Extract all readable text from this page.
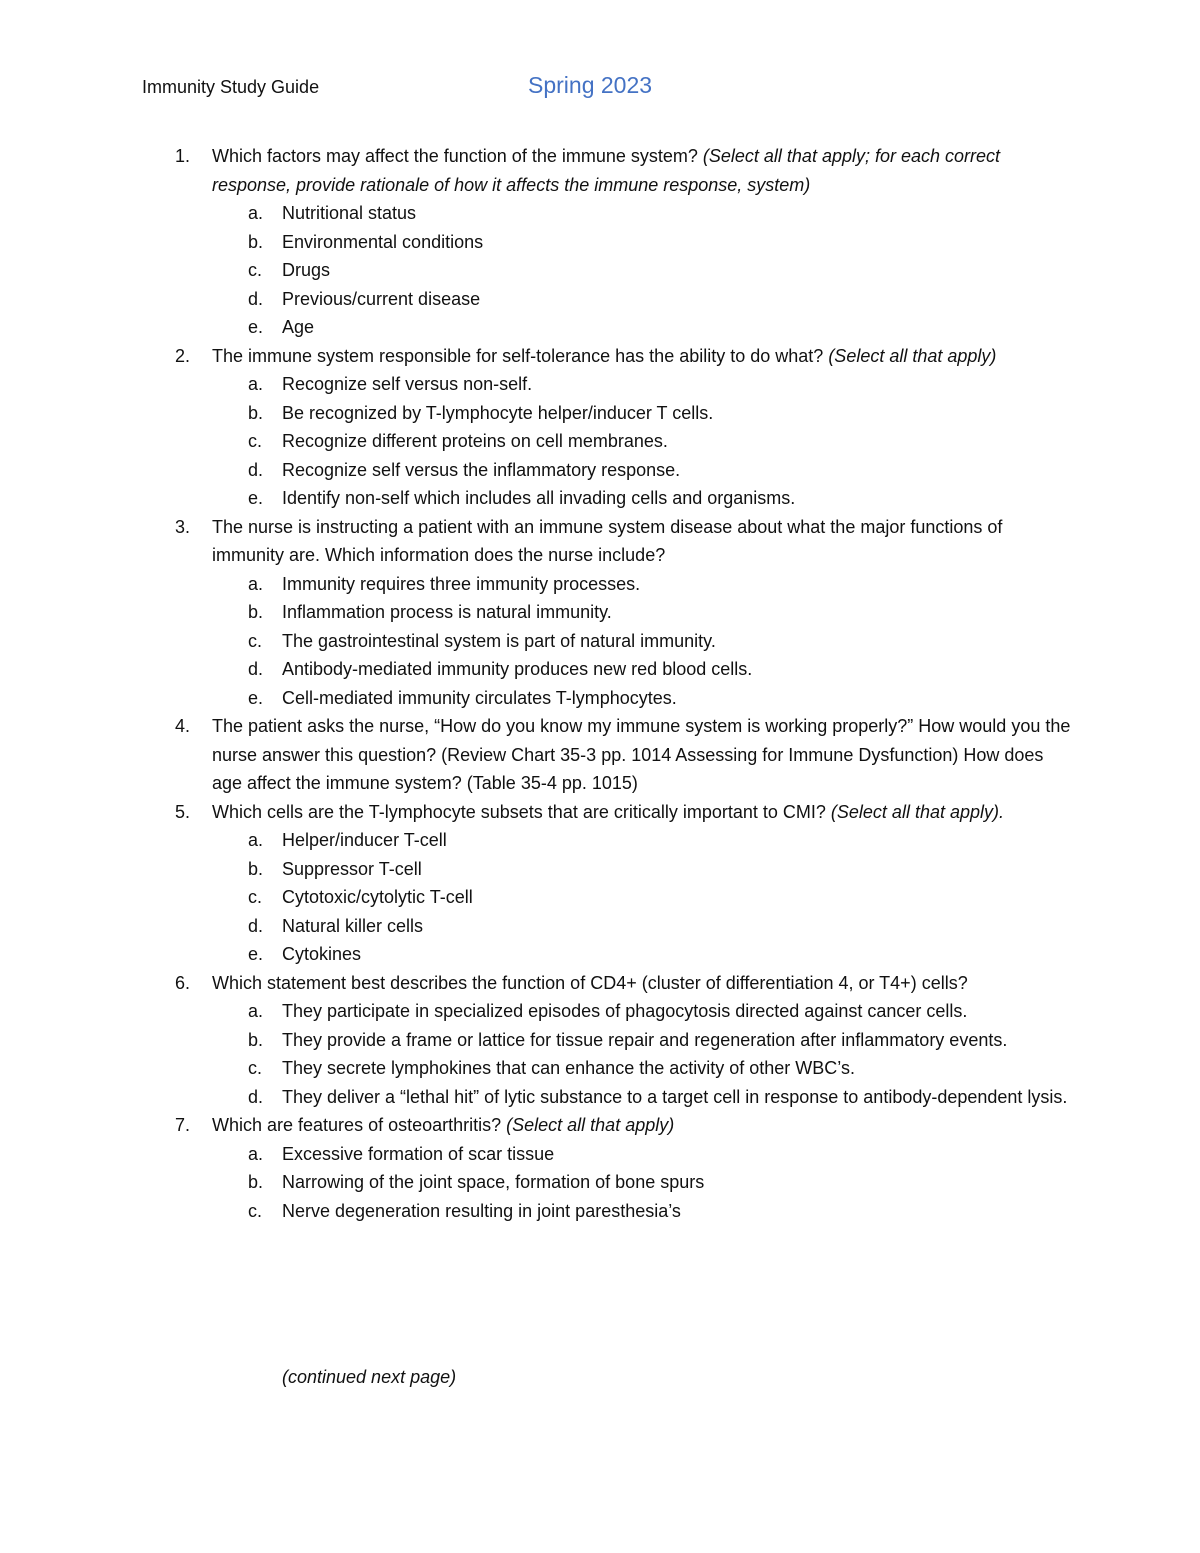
Immunity Study Guide	Spring 2023
1. Which factors may affect the function of the immune system? (Select all that apply; for each correct response, provide rationale of how it affects the immune response, system)
a. Nutritional status
b. Environmental conditions
c. Drugs
d. Previous/current disease
e. Age
2. The immune system responsible for self-tolerance has the ability to do what? (Select all that apply)
a. Recognize self versus non-self.
b. Be recognized by T-lymphocyte helper/inducer T cells.
c. Recognize different proteins on cell membranes.
d. Recognize self versus the inflammatory response.
e. Identify non-self which includes all invading cells and organisms.
3. The nurse is instructing a patient with an immune system disease about what the major functions of immunity are. Which information does the nurse include?
a. Immunity requires three immunity processes.
b. Inflammation process is natural immunity.
c. The gastrointestinal system is part of natural immunity.
d. Antibody-mediated immunity produces new red blood cells.
e. Cell-mediated immunity circulates T-lymphocytes.
4. The patient asks the nurse, “How do you know my immune system is working properly?” How would you the nurse answer this question? (Review Chart 35-3 pp. 1014 Assessing for Immune Dysfunction) How does age affect the immune system? (Table 35-4 pp. 1015)
5. Which cells are the T-lymphocyte subsets that are critically important to CMI? (Select all that apply).
a. Helper/inducer T-cell
b. Suppressor T-cell
c. Cytotoxic/cytolytic T-cell
d. Natural killer cells
e. Cytokines
6. Which statement best describes the function of CD4+ (cluster of differentiation 4, or T4+) cells?
a. They participate in specialized episodes of phagocytosis directed against cancer cells.
b. They provide a frame or lattice for tissue repair and regeneration after inflammatory events.
c. They secrete lymphokines that can enhance the activity of other WBC’s.
d. They deliver a “lethal hit” of lytic substance to a target cell in response to antibody-dependent lysis.
7. Which are features of osteoarthritis? (Select all that apply)
a. Excessive formation of scar tissue
b. Narrowing of the joint space, formation of bone spurs
c. Nerve degeneration resulting in joint paresthesia’s
(continued next page)
